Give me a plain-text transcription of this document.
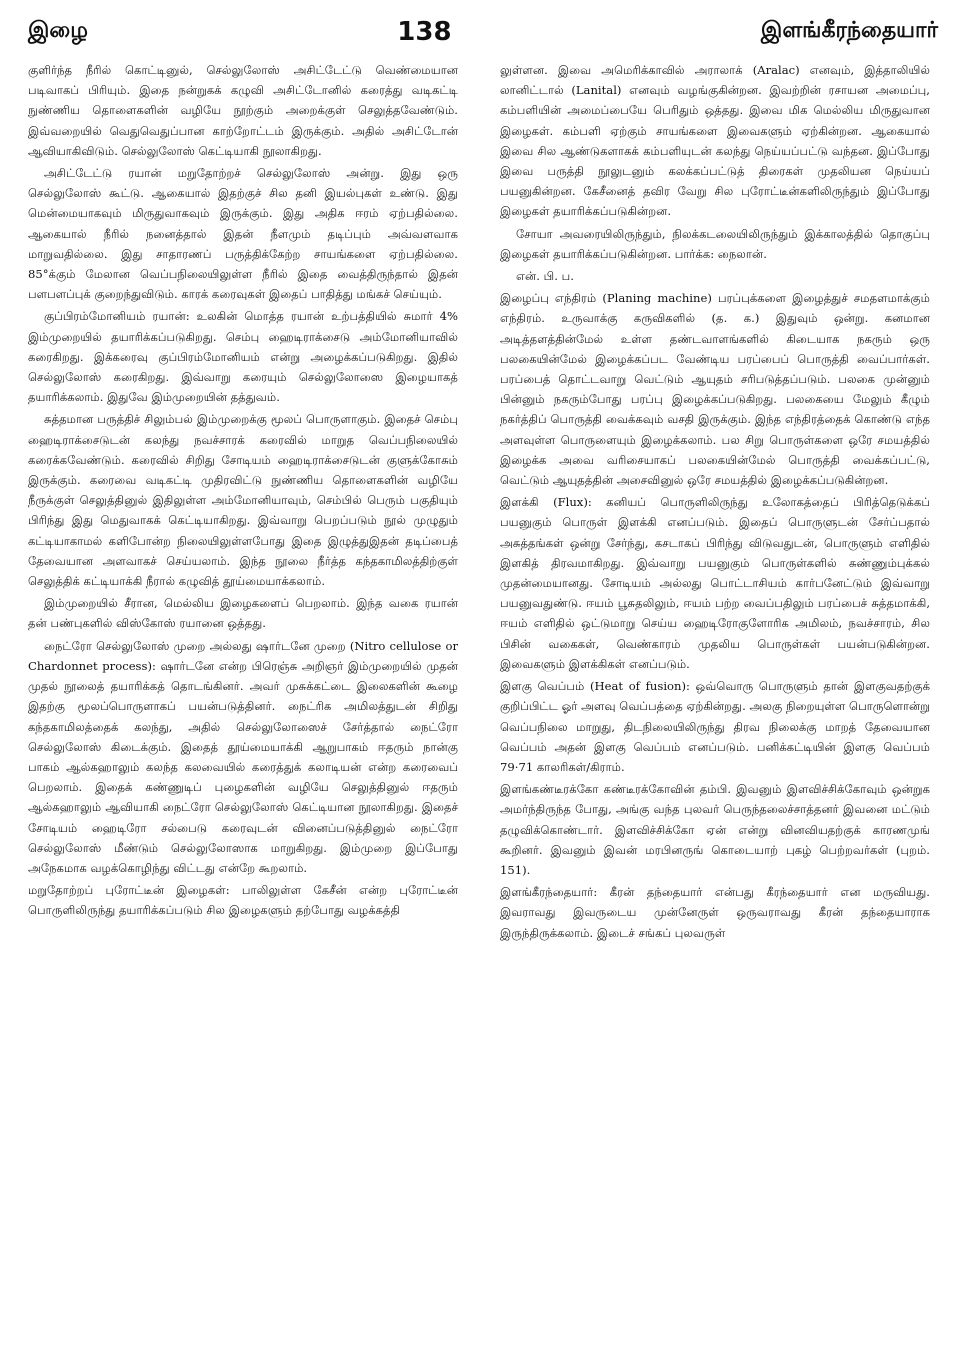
இழை	138	இளங்கீரந்தையார்

குளிர்ந்த நீரில் கொட்டினுல், செல்லுலோஸ் அசிட்டேட்டு வெண்மையான படிவாகப் பிரியும். இதை நன்றுகக் கழுவி அசிட்டோனில் கரைத்து வடிகட்டி நுண்ணிய தொளைகளின் வழியே நூற்கும் அறைக்குள் செலுத்தவேண்டும். இவ்வறையில் வெதுவெதுப்பான காற்றோட்டம் இருக்கும். அதில் அசிட்டோன் ஆவியாகிவிடும். செல்லுலோஸ் கெட்டியாகி நூலாகிறது.

அசிட்டேட்டு ரயான் மறுதோற்றச் செல்லுலோஸ் அன்று. இது ஒரு செல்லுலோஸ் கூட்டு. ஆகையால் இதற்குச் சில தனி இயல்புகள் உண்டு. இது மென்மையாகவும் மிருதுவாகவும் இருக்கும். இது அதிக ஈரம் ஏற்பதில்லை. ஆகையால் நீரில் நனைத்தால் இதன் நீளமும் தடிப்பும் அவ்வளவாக மாறுவதில்லை. இது சாதாரணப் பருத்திக்கேற்ற சாயங்களை ஏற்பதில்லை. 85°க்கும் மேலான வெப்பநிலையிலுள்ள நீரில் இதை வைத்திருந்தால் இதன் பளபளப்புக் குறைந்துவிடும். காரக் கரைவுகள் இதைப் பாதித்து மங்கச் செய்யும்.

குப்பிரம்மோனியம் ரயான்: உலகின் மொத்த ரயான் உற்பத்தியில் சுமார் 4% இம்முறையில் தயாரிக்கப்படுகிறது. செம்பு ஹைடிராக்சைடு அம்மோனியாவில் கரைகிறது. இக்கரைவு குப்பிரம்மோனியம் என்று அழைக்கப்படுகிறது. இதில் செல்லுலோஸ் கரைகிறது. இவ்வாறு கரையும் செல்லுலோஸை இழையாகத் தயாரிக்கலாம். இதுவே இம்முறையின் தத்துவம்.

சுத்தமான பருத்திச் சிலும்பல் இம்முறைக்கு மூலப் பொருளாகும். இதைச் செம்பு ஹைடிராக்சைடுடன் கலந்து நவச்சாரக் கரைவில் மாறுத வெப்பநிலையில் கரைக்கவேண்டும். கரைவில் சிறிது சோடியம் ஹைடிராக்சைடுடன் குளுக்கோசும் இருக்கும். கரைவை வடிகட்டி முதிரவிட்டு நுண்ணிய தொளைகளின் வழியே நீருக்குள் செலுத்தினுல் இதிலுள்ள அம்மோனியாவும், செம்பில் பெரும் பகுதியும் பிரிந்து இது மெதுவாகக் கெட்டியாகிறது. இவ்வாறு பெறப்படும் நூல் முழுதும் கட்டியாகாமல் களிபோன்ற நிலையிலுள்ளபோது இதை இழுத்துஇதன் தடிப்பைத் தேவையான அளவாகச் செய்யலாம். இந்த நூலை நீர்த்த கந்தகாமிலத்திற்குள் செலுத்திக் கட்டியாக்கி நீரால் கழுவித் தூய்மையாக்கலாம்.

இம்முறையில் சீரான, மெல்லிய இழைகளைப் பெறலாம். இந்த வகை ரயான் தன் பண்புகளில் விஸ்கோஸ் ரயானை ஒத்தது.

நைட்ரோ செல்லுலோஸ் முறை அல்லது ஷார்டனே முறை (Nitro cellulose or Chardonnet process): ஷார்டனே என்ற பிரெஞ்சு அறிஞர் இம்முறையில் முதன் முதல் நூலைத் தயாரிக்கத் தொடங்கினர். அவர் முசுக்கட்டை இலைகளின் கூழை இதற்கு மூலப்பொருளாகப் பயன்படுத்தினர். நைட்ரிக அமிலத்துடன் சிறிது கந்தகாமிலத்தைக் கலந்து, அதில் செல்லுலோஸைச் சேர்த்தால் நைட்ரோ செல்லுலோஸ் கிடைக்கும். இதைத் தூய்மையாக்கி ஆறுபாகம் ஈதரும் நான்கு பாகம் ஆல்கஹாலும் கலந்த கலவையில் கரைத்துக் கலாடியன் என்ற கரைவைப் பெறலாம். இதைக் கண்ணுடிப் புழைகளின் வழியே செலுத்தினுல் ஈதரும் ஆல்கஹாலும் ஆவியாகி நைட்ரோ செல்லுலோஸ் கெட்டியான நூலாகிறது. இதைச் சோடியம் ஹைடிரோ சல்பைடு கரைவுடன் வினைப்படுத்தினுல் நைட்ரோ செல்லுலோஸ் மீண்டும் செல்லுலோஸாக மாறுகிறது. இம்முறை இப்போது அநேகமாக வழக்கொழிந்து விட்டது என்றே கூறலாம்.

மறுதோற்றப் புரோட்டீன் இழைகள்: பாலிலுள்ள கேசீன் என்ற புரோட்டீன் பொருளிலிருந்து தயாரிக்கப்படும் சில இழைகளும் தற்போது வழக்கத்தி

லுள்ளன. இவை அமெரிக்காவில் அராலாக் (Aralac) எனவும், இத்தாலியில் லானிட்டால் (Lanital) எனவும் வழங்குகின்றன. இவற்றின் ரசாயன அமைப்பு, கம்பளியின் அமைப்பையே பெரிதும் ஒத்தது. இவை மிக மெல்லிய மிருதுவான இழைகள். கம்பளி ஏற்கும் சாயங்களை இவைகளும் ஏற்கின்றன. ஆகையால் இவை சில ஆண்டுகளாகக் கம்பளியுடன் கலந்து நெய்யப்பட்டு வந்தன. இப்போது இவை பருத்தி நூலுடனும் கலக்கப்பட்டுத் திரைகள் முதலியன நெய்யப் பயனுகின்றன. கேசீனைத் தவிர வேறு சில புரோட்டீன்களிலிருந்தும் இப்போது இழைகள் தயாரிக்கப்படுகின்றன.

சோயா அவரையிலிருந்தும், நிலக்கடலையிலிருந்தும் இக்காலத்தில் தொகுப்பு இழைகள் தயாரிக்கப்படுகின்றன. பார்க்க: நைலான்.

என். பி. ப.

இழைப்பு எந்திரம் (Planing machine) பரப்புக்களை இழைத்துச் சமதளமாக்கும் எந்திரம். உருவாக்கு கருவிகளில் (த. க.) இதுவும் ஒன்று. கனமான அடித்தளத்தின்மேல் உள்ள தண்டவாளங்களில் கிடையாக நகரும் ஒரு பலகையின்மேல் இழைக்கப்பட வேண்டிய பரப்பைப் பொருத்தி வைப்பார்கள். பரப்பைத் தொட்டவாறு வெட்டும் ஆயுதம் சரிபடுத்தப்படும். பலகை முன்னும் பின்னும் நகரும்போது பரப்பு இழைக்கப்படுகிறது. பலகையை மேலும் கீழும் நகர்த்திப் பொருத்தி வைக்கவும் வசதி இருக்கும். இந்த எந்திரத்தைக் கொண்டு எந்த அளவுள்ள பொருளையும் இழைக்கலாம். பல சிறு பொருள்களை ஒரே சமயத்தில் இழைக்க அவை வரிசையாகப் பலகையின்மேல் பொருத்தி வைக்கப்பட்டு, வெட்டும் ஆயுதத்தின் அசைவினுல் ஒரே சமயத்தில் இழைக்கப்படுகின்றன.

இளக்கி (Flux): கனியப் பொருளிலிருந்து உலோகத்தைப் பிரித்தெடுக்கப் பயனுகும் பொருள் இளக்கி எனப்படும். இதைப் பொருளுடன் சேர்ப்பதால் அசுத்தங்கள் ஒன்று சேர்ந்து, கசடாகப் பிரிந்து விடுவதுடன், பொருளும் எளிதில் இளகித் திரவமாகிறது. இவ்வாறு பயனுகும் பொருள்களில் சுண்ணும்புக்கல் முதன்மையானது. சோடியம் அல்லது பொட்டாசியம் கார்பனேட்டும் இவ்வாறு பயனுவதுண்டு. ஈயம் பூசுதலிலும், ஈயம் பற்ற வைப்பதிலும் பரப்பைச் சுத்தமாக்கி, ஈயம் எளிதில் ஒட்டுமாறு செய்ய ஹைடிரோகுளோரிக அமிலம், நவச்சாரம், சில பிசின் வகைகள், வெண்காரம் முதலிய பொருள்கள் பயன்படுகின்றன. இவைகளும் இளக்கிகள் எனப்படும்.

இளகு வெப்பம் (Heat of fusion): ஒவ்வொரு பொருளும் தான் இளகுவதற்குக் குறிப்பிட்ட ஓர் அளவு வெப்பத்தை ஏற்கின்றது. அலகு நிறையுள்ள பொருளொன்று வெப்பநிலை மாறுது, திடநிலையிலிருந்து திரவ நிலைக்கு மாறத் தேவையான வெப்பம் அதன் இளகு வெப்பம் எனப்படும். பனிக்கட்டியின் இளகு வெப்பம் 79·71 காலரிகள்/கிராம்.

இளங்கண்டீரக்கோ கண்டீரக்கோவின் தம்பி. இவனும் இளவிச்சிக்கோவும் ஒன்றுக அமர்ந்திருந்த போது, அங்கு வந்த புலவர் பெருந்தலைச்சாத்தனர் இவனை மட்டும் தழுவிக்கொண்டார். இளவிச்சிக்கோ ஏன் என்று வினவியதற்குக் காரணமுங் கூறினர். இவனும் இவன் மரபினருங் கொடையாற் புகழ் பெற்றவர்கள் (புறம். 151).

இளங்கீரந்தையார்: கீரன் தந்தையார் என்பது கீரந்தையார் என மருவியது. இவராவது இவருடைய முன்னேருள் ஒருவராவது கீரன் தந்தையாராக இருந்திருக்கலாம். இடைச் சங்கப் புலவருள்
